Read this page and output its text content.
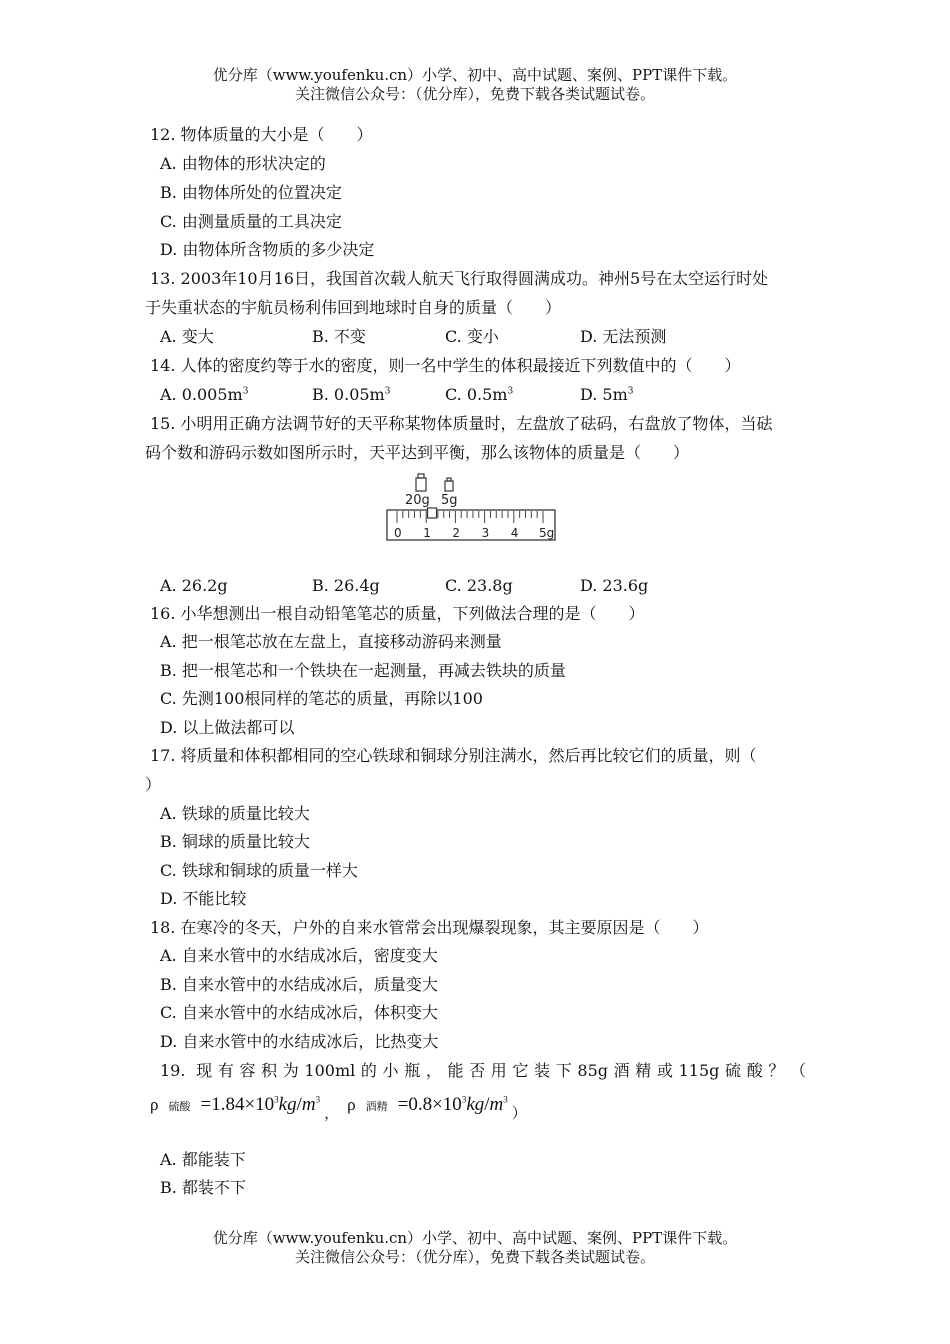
优分库（www.youfenku.cn）小学、初中、高中试题、案例、PPT课件下载。
关注微信公众号：（优分库），免费下载各类试题试卷。
12. 物体质量的大小是（　　）
A. 由物体的形状决定的
B. 由物体所处的位置决定
C. 由测量质量的工具决定
D. 由物体所含物质的多少决定
13. 2003年10月16日，我国首次载人航天飞行取得圆满成功。神州5号在太空运行时处
于失重状态的宇航员杨利伟回到地球时自身的质量（　　）
A. 变大	B. 不变	C. 变小	D. 无法预测
14. 人体的密度约等于水的密度，则一名中学生的体积最接近下列数值中的（　　）
A. $0.005m^3$	B. $0.05m^3$	C. $0.5m^3$	D. $5m^3$
15. 小明用正确方法调节好的天平称某物体质量时，左盘放了砝码，右盘放了物体，当砝
码个数和游码示数如图所示时，天平达到平衡，那么该物体的质量是（　　）
20g 5g
0 1 2 3 4 5g
A. 26.2g	B. 26.4g	C. 23.8g	D. 23.6g
16. 小华想测出一根自动铅笔笔芯的质量，下列做法合理的是（　　）
A. 把一根笔芯放在左盘上，直接移动游码来测量
B. 把一根笔芯和一个铁块在一起测量，再减去铁块的质量
C. 先测100根同样的笔芯的质量，再除以100
D. 以上做法都可以
17. 将质量和体积都相同的空心铁球和铜球分别注满水，然后再比较它们的质量，则（
）
A. 铁球的质量比较大
B. 铜球的质量比较大
C. 铁球和铜球的质量一样大
D. 不能比较
18. 在寒冷的冬天，户外的自来水管常会出现爆裂现象，其主要原因是（　　）
A. 自来水管中的水结成冰后，密度变大
B. 自来水管中的水结成冰后，质量变大
C. 自来水管中的水结成冰后，体积变大
D. 自来水管中的水结成冰后，比热变大
19. 现有容积为100ml的小瓶，能否用它装下85g酒精或115g硫酸？（
ρ 硫酸 $=1.84\times 10^3kg/m^3$ ， ρ 酒精 $=0.8\times 10^3kg/m^3$ ）
A. 都能装下
B. 都装不下
优分库（www.youfenku.cn）小学、初中、高中试题、案例、PPT课件下载。
关注微信公众号：（优分库），免费下载各类试题试卷。
